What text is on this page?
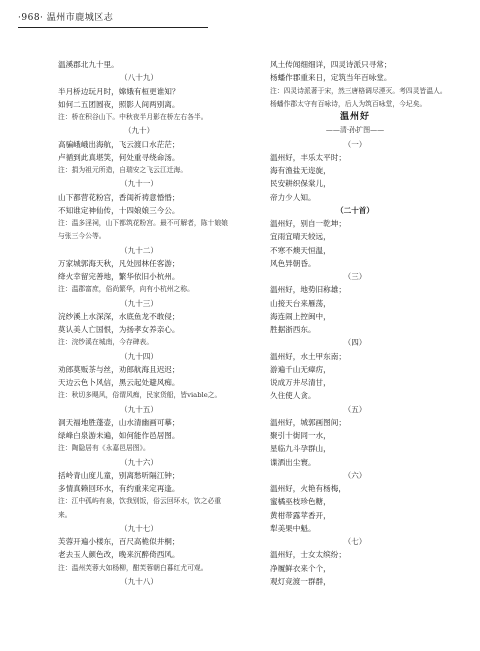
·968· 温州市鹿城区志

温溪郡北九十里。

（八十九）

半月桥边玩月时，嫦娥有桓更谁知？

如何二五团圆夜，照影人间两别离。

注：桥在积谷山下。中秋夜半月影在桥左右各半。

（九十）

高骗峨峨出海航，飞云渡口水茫茫；

卢循到此真堪笑，何处重寻绕命汤。

注：捐为祖元所造，自瑞安之飞云江迁海。

（九十一）

山下都营花粉宫，香闺祈祷意惛惛；

不知谁定神仙传，十四娘娘三今公。

注：温多淫祠，山下都筑花粉宫。最不可解者，陈十娘娘与张三今公等。

（九十二）

万家城郭海天秋，凡处园林任客游；

绛火幸留完善地，繁华依旧小杭州。

注：温郡富庶，俗尚繁华，向有小杭州之称。

（九十三）

浣纱溪上水深深，水底鱼龙不敢侵；

莫认美人亡国恨，为扬孝女养亲心。

注：浣纱溪在城南，今存碑表。

（九十四）

劝郎莫贩茶与丝，劝郎航海且迟迟；

天边云色卜风信，黑云起处避风痴。

注：秋切多飓风，俗谓风痴，民家货船，皆viable之。

（九十五）

洞天福地胜蓬壶，山水清幽画可摹；

绿峰白泉游未遍，如何能作邑居图。

注：陶隐居有《永嘉邑居图》。

（九十六）

括岭青山度儿童，别离愁听隔江钟；

多情真赖回环水，有约重来定再逢。

注：江中孤屿有泉，饮我别饭，俗云回环水，饮之必重来。

（九十七）

芙蓉开遍小楼东，百尺高桅似井桐；

老去玉人颜色改，晚来沉醉倚西风。

注：温州芙蓉大如杨柳，酣芙蓉朝白暮红尤可观。

（九十八）

风土传闻细细详，四灵诗派只寻常；

杨蟠作郡重来日，定筑当年百咏堂。

注：四灵诗派著于宋，然三唐格调尽湮灭。考四灵皆温人。杨蟠作郡太守有百咏诗，后人为筑百咏堂，今圮矣。

温州好

——清·孙扩图——

（一）

温州好，丰乐太平时；

海有渔盐无迩旋，

民安耕织保棠儿，

帝力少人知。

（二十首）

温州好，别自一乾坤；

宜雨宜晴天较远，

不寒不燠天恒温，

风色异朝昏。

（三）

温州好，地势旧称雄；

山接天台来雁荡，

海连闹上控闽中，

胜据浙西东。

（四）

温州好，水土甲东南；

游遍千山无瘴疠，

说成万井尽清甘，

久住使人贪。

（五）

温州好，城郭画图间；

聚引十街同一水，

星临九斗孕群山，

谍洒出尘寰。

（六）

温州好，火艳有杨梅，

蜜橘巫枝珍色糖，

黄柑带露苹香开，

犁美果中魁。

（七）

温州好，士女太缤纷；

净履鲜衣来个个，

观灯竞渡一群群，
